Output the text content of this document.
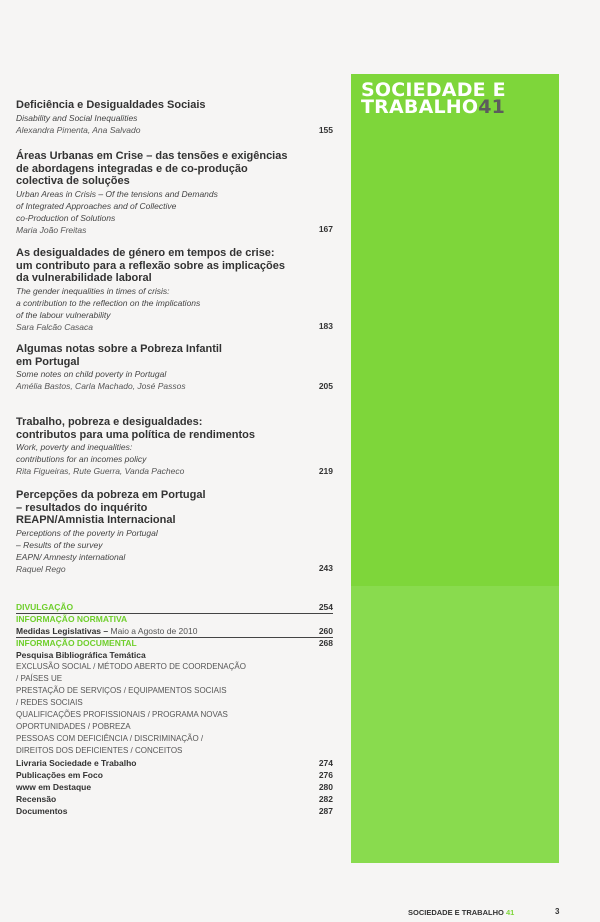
SOCIEDADE E
TRABALHO41
Deficiência e Desigualdades Sociais
Disability and Social Inequalities
Alexandra Pimenta, Ana Salvado	155
Áreas Urbanas em Crise – das tensões e exigências
de abordagens integradas e de co-produção
colectiva de soluções
Urban Areas in Crisis – Of the tensions and Demands
of Integrated Approaches and of Collective
co-Production of Solutions
Maria João Freitas	167
As desigualdades de género em tempos de crise:
um contributo para a reflexão sobre as implicações
da vulnerabilidade laboral
The gender inequalities in times of crisis:
a contribution to the reflection on the implications
of the labour vulnerability
Sara Falcão Casaca	183
Algumas notas sobre a Pobreza Infantil
em Portugal
Some notes on child poverty in Portugal
Amélia Bastos, Carla Machado, José Passos	205
Trabalho, pobreza e desigualdades:
contributos para uma política de rendimentos
Work, poverty and inequalities:
contributions for an incomes policy
Rita Figueiras, Rute Guerra, Vanda Pacheco	219
Percepções da pobreza em Portugal
– resultados do inquérito
REAPN/Amnistia Internacional
Perceptions of the poverty in Portugal
– Results of the survey
EAPN/ Amnesty international
Raquel Rego	243
DIVULGAÇÃO	254
INFORMAÇÃO NORMATIVA
Medidas Legislativas – Maio a Agosto de 2010	260
INFORMAÇÃO DOCUMENTAL	268
Pesquisa Bibliográfica Temática
EXCLUSÃO SOCIAL / MÉTODO ABERTO DE COORDENAÇÃO
/ PAÍSES UE
PRESTAÇÃO DE SERVIÇOS / EQUIPAMENTOS SOCIAIS
/ REDES SOCIAIS
QUALIFICAÇÕES PROFISSIONAIS / PROGRAMA NOVAS
OPORTUNIDADES / POBREZA
PESSOAS COM DEFICIÊNCIA / DISCRIMINAÇÃO /
DIREITOS DOS DEFICIENTES / CONCEITOS
Livraria Sociedade e Trabalho	274
Publicações em Foco	276
www em Destaque	280
Recensão	282
Documentos	287
SOCIEDADE E TRABALHO 41	3
